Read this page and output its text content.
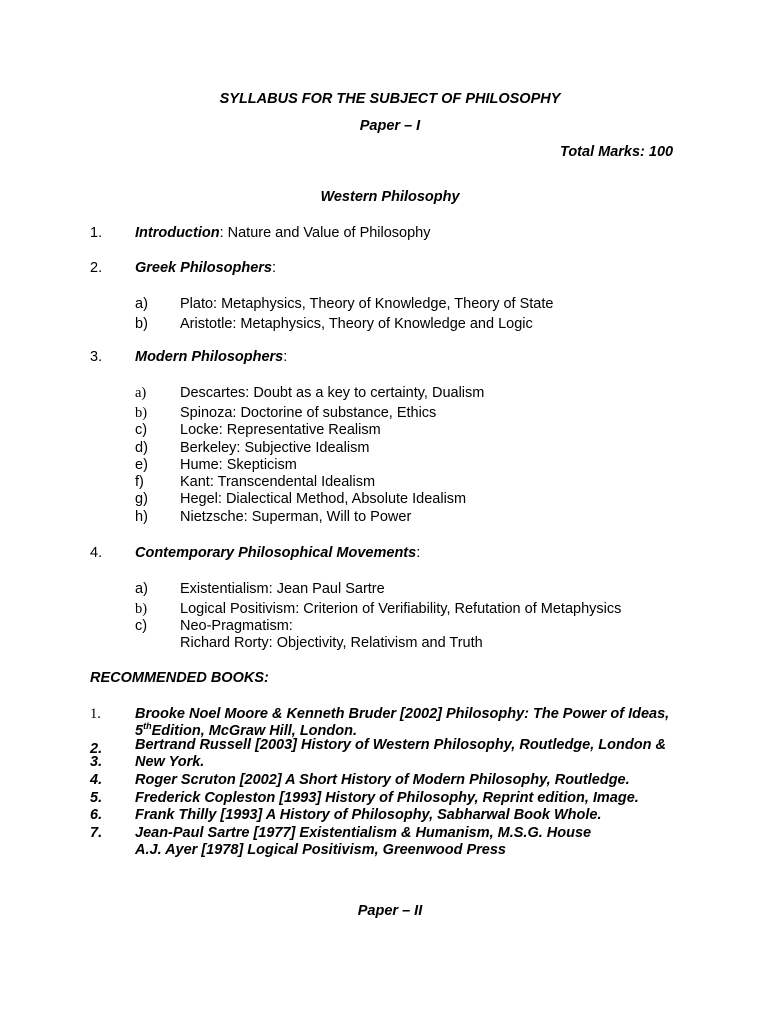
SYLLABUS FOR THE SUBJECT OF PHILOSOPHY
Paper – I
Total Marks: 100
Western Philosophy
1. Introduction: Nature and Value of Philosophy
2. Greek Philosophers:
a) Plato: Metaphysics, Theory of Knowledge, Theory of State
b) Aristotle: Metaphysics, Theory of Knowledge and Logic
3. Modern Philosophers:
a) Descartes: Doubt as a key to certainty, Dualism
b) Spinoza: Doctorine of substance, Ethics
c) Locke: Representative Realism
d) Berkeley: Subjective Idealism
e) Hume: Skepticism
f) Kant: Transcendental Idealism
g) Hegel: Dialectical Method, Absolute Idealism
h) Nietzsche: Superman, Will to Power
4. Contemporary Philosophical Movements:
a) Existentialism: Jean Paul Sartre
b) Logical Positivism: Criterion of Verifiability, Refutation of Metaphysics
c) Neo-Pragmatism:
Richard Rorty: Objectivity, Relativism and Truth
RECOMMENDED BOOKS:
1. Brooke Noel Moore & Kenneth Bruder [2002] Philosophy: The Power of Ideas,
5thEdition, McGraw Hill, London.
2. Bertrand Russell [2003] History of Western Philosophy, Routledge, London &
3. New York.
4. Roger Scruton [2002] A Short History of Modern Philosophy, Routledge.
5. Frederick Copleston [1993] History of Philosophy, Reprint edition, Image.
6. Frank Thilly [1993] A History of Philosophy, Sabharwal Book Whole.
7. Jean-Paul Sartre [1977] Existentialism & Humanism, M.S.G. House
A.J. Ayer [1978] Logical Positivism, Greenwood Press
Paper – II
